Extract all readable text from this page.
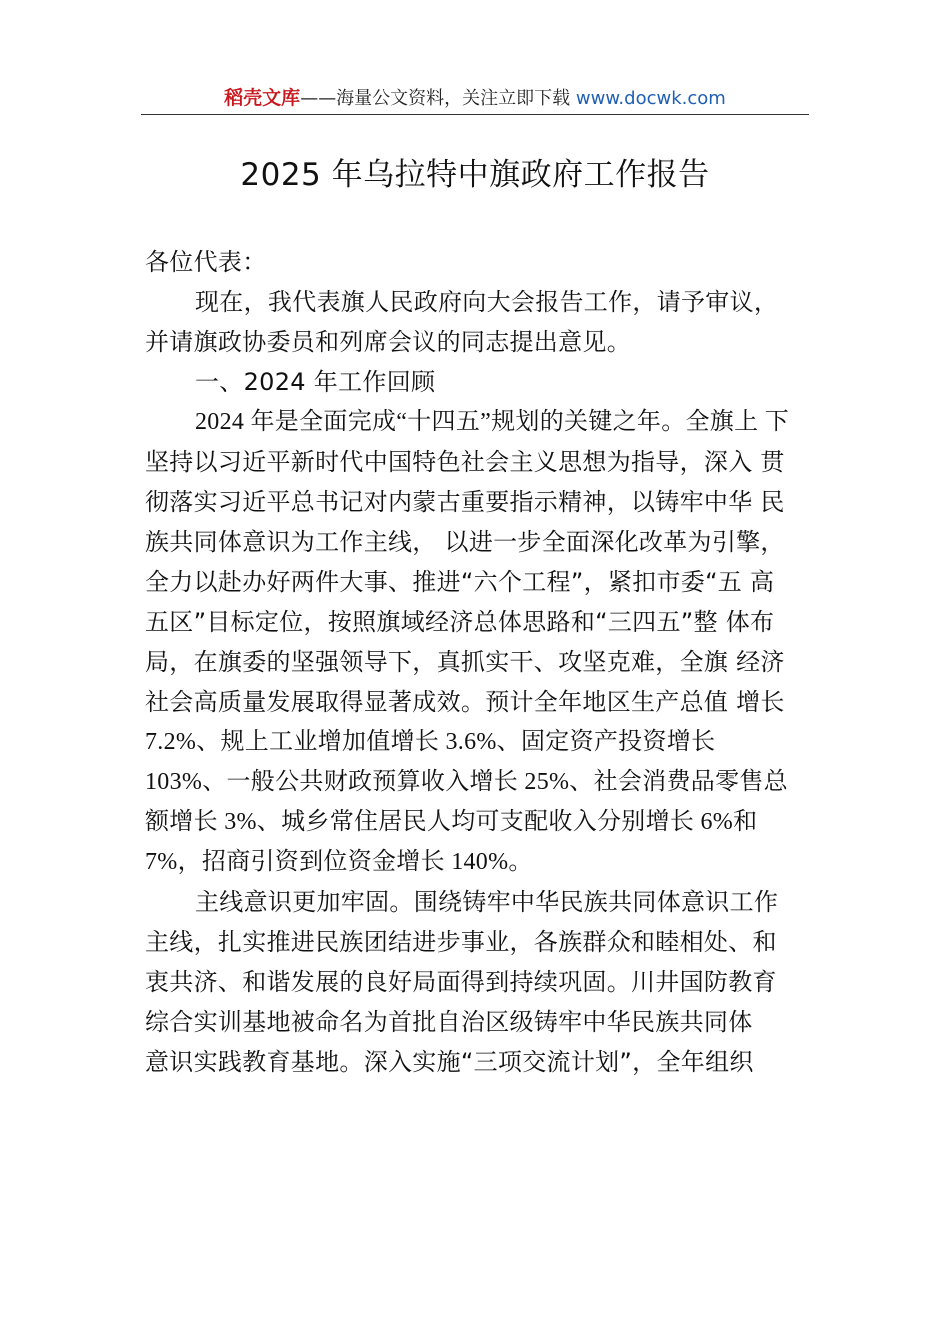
稻壳文库——海量公文资料，关注立即下载 www.docwk.com
2025 年乌拉特中旗政府工作报告
各位代表：
现在，我代表旗人民政府向大会报告工作，请予审议，
并请旗政协委员和列席会议的同志提出意见。
一、2024 年工作回顾
2024 年是全面完成“十四五”规划的关键之年。全旗上 下
坚持以习近平新时代中国特色社会主义思想为指导，深入 贯
彻落实习近平总书记对内蒙古重要指示精神，以铸牢中华 民
族共同体意识为工作主线， 以进一步全面深化改革为引擎，
全力以赴办好两件大事、推进“六个工程”，紧扣市委“五 高
五区”目标定位，按照旗域经济总体思路和“三四五”整 体布
局，在旗委的坚强领导下，真抓实干、攻坚克难，全旗 经济
社会高质量发展取得显著成效。预计全年地区生产总值 增长
7.2%、规上工业增加值增长 3.6%、固定资产投资增长
103%、一般公共财政预算收入增长 25%、社会消费品零售总
额增长 3%、城乡常住居民人均可支配收入分别增长 6%和
7%，招商引资到位资金增长 140%。
主线意识更加牢固。围绕铸牢中华民族共同体意识工作
主线，扎实推进民族团结进步事业，各族群众和睦相处、和
衷共济、和谐发展的良好局面得到持续巩固。川井国防教育
综合实训基地被命名为首批自治区级铸牢中华民族共同体
意识实践教育基地。深入实施“三项交流计划”，全年组织
